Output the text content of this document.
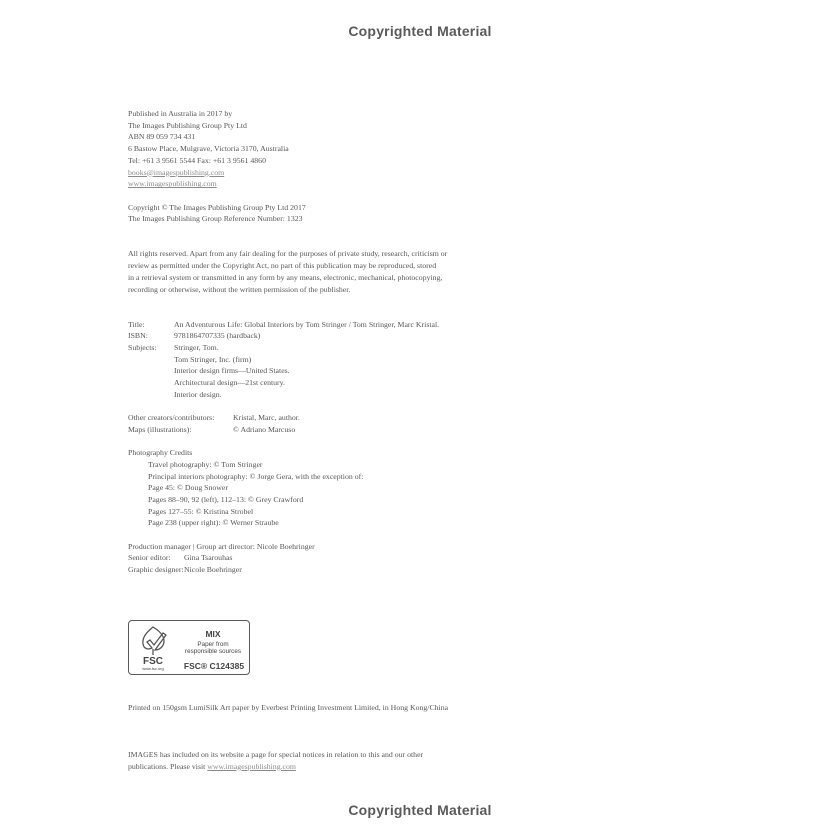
Copyrighted Material
Published in Australia in 2017 by
The Images Publishing Group Pty Ltd
ABN 89 059 734 431
6 Bastow Place, Mulgrave, Victoria 3170, Australia
Tel: +61 3 9561 5544 Fax: +61 3 9561 4860
books@imagespublishing.com
www.imagespublishing.com
Copyright © The Images Publishing Group Pty Ltd 2017
The Images Publishing Group Reference Number: 1323
All rights reserved. Apart from any fair dealing for the purposes of private study, research, criticism or
review as permitted under the Copyright Act, no part of this publication may be reproduced, stored
in a retrieval system or transmitted in any form by any means, electronic, mechanical, photocopying,
recording or otherwise, without the written permission of the publisher.
Title:	An Adventurous Life: Global Interiors by Tom Stringer / Tom Stringer, Marc Kristal.
ISBN:	9781864707335 (hardback)
Subjects: Stringer, Tom.
Tom Stringer, Inc. (firm)
Interior design firms—United States.
Architectural design—21st century.
Interior design.
Other creators/contributors: Kristal, Marc, author.
Maps (illustrations):	© Adriano Marcuso
Photography Credits
Travel photography: © Tom Stringer
Principal interiors photography: © Jorge Gera, with the exception of:
Page 45: © Doug Snower
Pages 88–90, 92 (left), 112–13: © Grey Crawford
Pages 127–55: © Kristina Strobel
Page 238 (upper right): © Werner Straube
Production manager | Group art director: Nicole Boehringer
Senior editor: Gina Tsarouhas
Graphic designer: Nicole Boehringer
FSC
www.fsc.org
MIX
Paper from
responsible sources
FSC® C124385
Printed on 150gsm LumiSilk Art paper by Everbest Printing Investment Limited, in Hong Kong/China
IMAGES has included on its website a page for special notices in relation to this and our other
publications. Please visit www.imagespublishing.com
Copyrighted Material
